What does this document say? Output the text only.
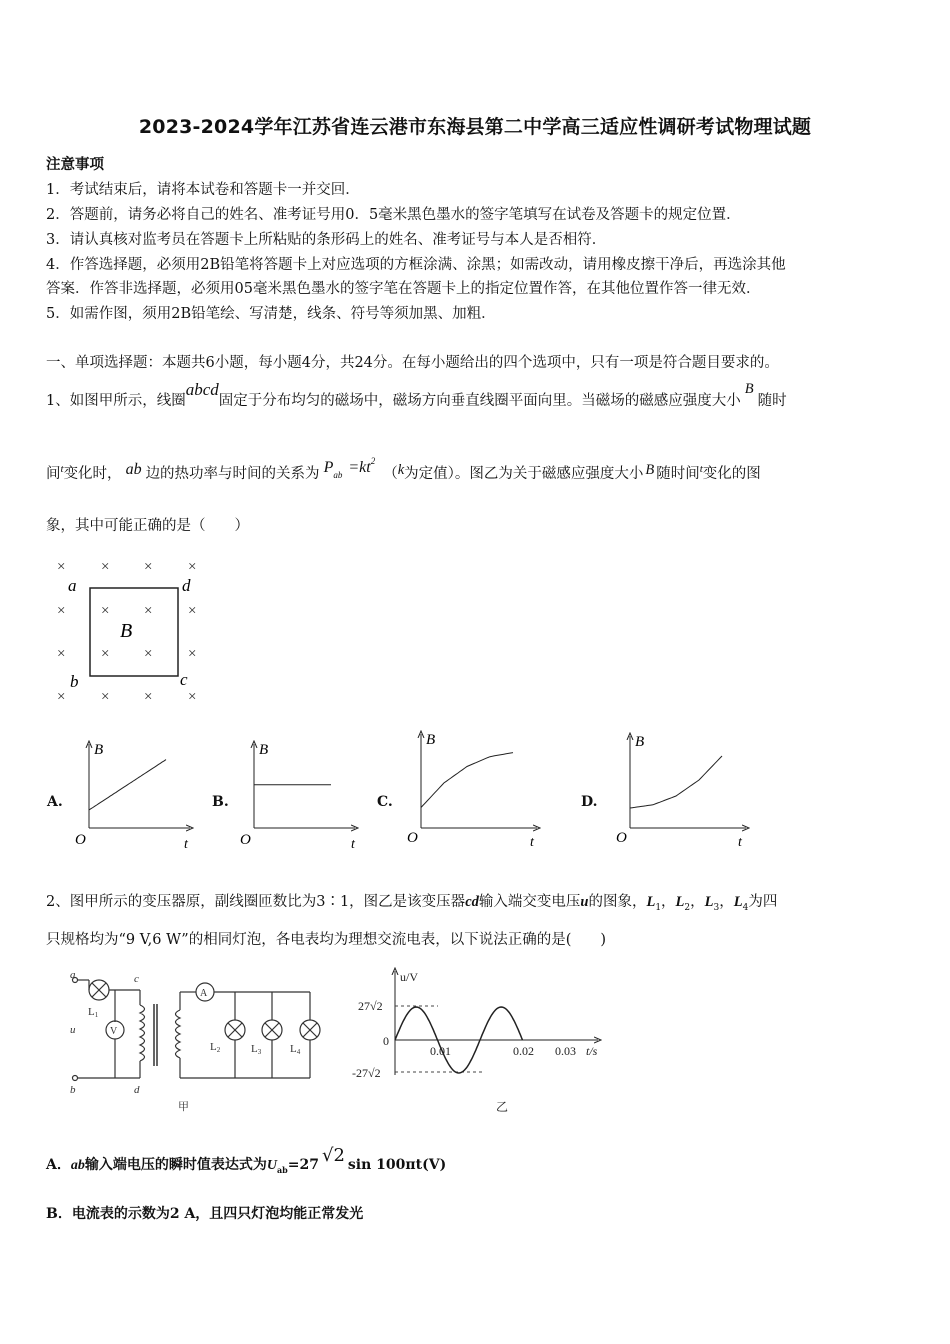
2023-2024学年江苏省连云港市东海县第二中学高三适应性调研考试物理试题
注意事项
1．考试结束后，请将本试卷和答题卡一并交回．
2．答题前，请务必将自己的姓名、准考证号用0．5毫米黑色墨水的签字笔填写在试卷及答题卡的规定位置．
3．请认真核对监考员在答题卡上所粘贴的条形码上的姓名、准考证号与本人是否相符．
4．作答选择题，必须用2B铅笔将答题卡上对应选项的方框涂满、涂黑；如需改动，请用橡皮擦干净后，再选涂其他
答案．作答非选择题，必须用05毫米黑色墨水的签字笔在答题卡上的指定位置作答，在其他位置作答一律无效．
5．如需作图，须用2B铅笔绘、写清楚，线条、符号等须加黑、加粗．
一、单项选择题：本题共6小题，每小题4分，共24分。在每小题给出的四个选项中，只有一项是符合题目要求的。
1、如图甲所示，线圈abcd固定于分布均匀的磁场中，磁场方向垂直线圈平面向里。当磁场的磁感应强度大小B随时
间$^t$变化时， ab 边的热功率与时间的关系为 Pab $=kt^2(k$为定值）。图乙为关于磁感应强度大小 B 随时间$^t$变化的图
象，其中可能正确的是（　　）
× × × ×
× × × ×
× × × ×
× × × ×
a	d
b	c
B
A.	B.	C.	D.
B
O	t
B
O	t
B
O	t
B
O	t
2、图甲所示的变压器原，副线圈匝数比为3∶1，图乙是该变压器cd输入端交变电压u的图象，$L_1$，$L_2$，$L_3$，$L_4$为四
只规格均为“9 V,6 W”的相同灯泡，各电表均为理想交流电表，以下说法正确的是(　　)
a
b
c
d
u
L1
V
A
L2	L3	L4
甲
u/V
t/s
0
27√2
-27√2
0.01	0.02 0.03
乙
A．ab输入端电压的瞬时值表达式为$U_{ab}=27$ √2 sin 100πt(V)
B．电流表的示数为2 A，且四只灯泡均能正常发光
